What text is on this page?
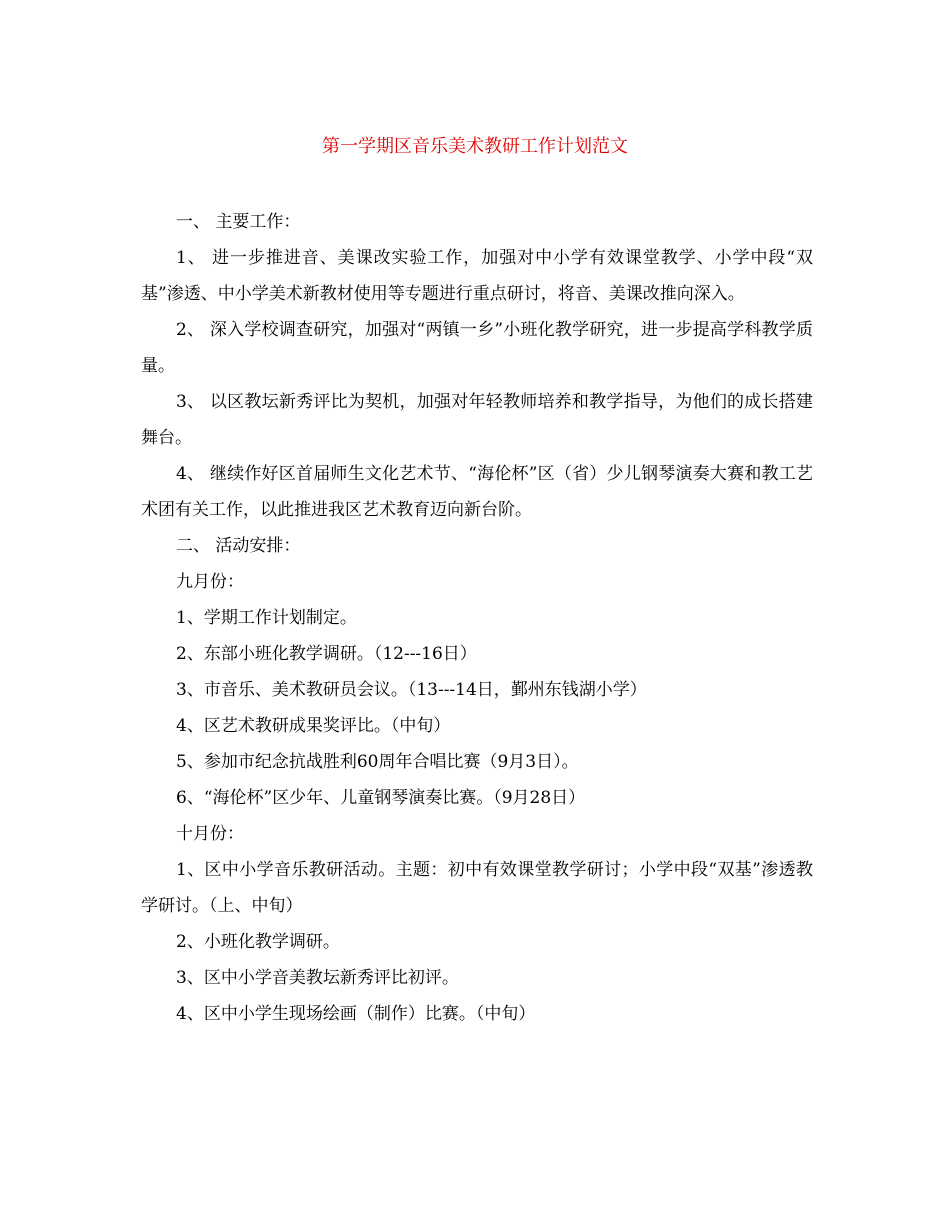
第一学期区音乐美术教研工作计划范文

一、 主要工作：

1、 进一步推进音、美课改实验工作，加强对中小学有效课堂教学、小学中段“双基”渗透、中小学美术新教材使用等专题进行重点研讨，将音、美课改推向深入。

2、 深入学校调查研究，加强对“两镇一乡”小班化教学研究，进一步提高学科教学质量。

3、 以区教坛新秀评比为契机，加强对年轻教师培养和教学指导，为他们的成长搭建舞台。

4、 继续作好区首届师生文化艺术节、“海伦杯”区（省）少儿钢琴演奏大赛和教工艺术团有关工作，以此推进我区艺术教育迈向新台阶。

二、 活动安排：

九月份：

1、学期工作计划制定。

2、东部小班化教学调研。（12---16日）

3、市音乐、美术教研员会议。（13---14日，鄞州东钱湖小学）

4、区艺术教研成果奖评比。（中旬）

5、参加市纪念抗战胜利60周年合唱比赛（9月3日）。

6、“海伦杯”区少年、儿童钢琴演奏比赛。（9月28日）

十月份：

1、区中小学音乐教研活动。主题：初中有效课堂教学研讨；小学中段“双基”渗透教学研讨。（上、中旬）

2、小班化教学调研。

3、区中小学音美教坛新秀评比初评。

4、区中小学生现场绘画（制作）比赛。（中旬）
